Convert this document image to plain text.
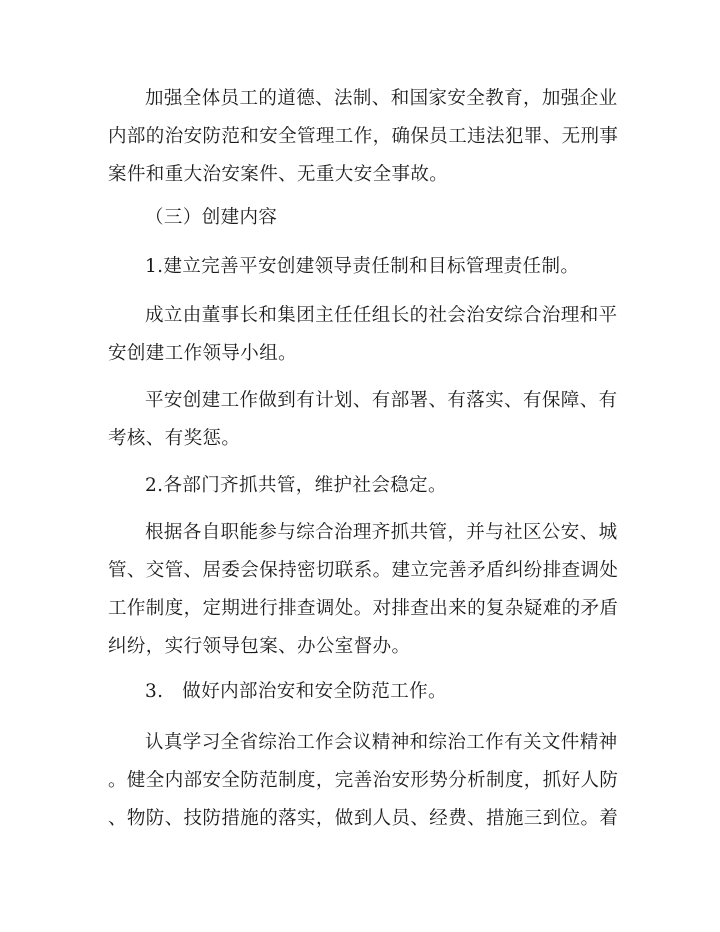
加强全体员工的道德、法制、和国家安全教育，加强企业
内部的治安防范和安全管理工作，确保员工违法犯罪、无刑事
案件和重大治安案件、无重大安全事故。

（三）创建内容

1.建立完善平安创建领导责任制和目标管理责任制。

成立由董事长和集团主任任组长的社会治安综合治理和平
安创建工作领导小组。

平安创建工作做到有计划、有部署、有落实、有保障、有
考核、有奖惩。

2.各部门齐抓共管，维护社会稳定。

根据各自职能参与综合治理齐抓共管，并与社区公安、城
管、交管、居委会保持密切联系。建立完善矛盾纠纷排查调处
工作制度，定期进行排查调处。对排查出来的复杂疑难的矛盾
纠纷，实行领导包案、办公室督办。

3.   做好内部治安和安全防范工作。

认真学习全省综治工作会议精神和综治工作有关文件精神
。健全内部安全防范制度，完善治安形势分析制度，抓好人防
、物防、技防措施的落实，做到人员、经费、措施三到位。着
